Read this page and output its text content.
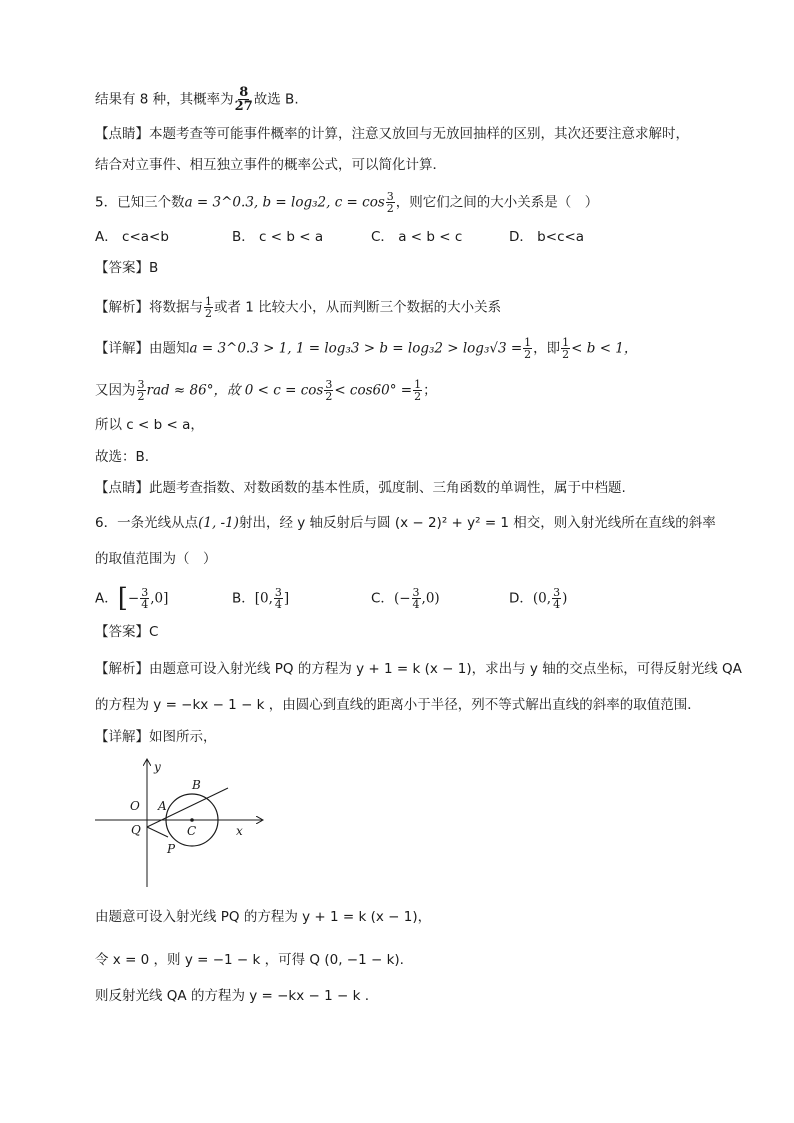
结果有 8 种，其概率为 $\frac{8}{27}$ 故选 B.
【点睛】本题考查等可能事件概率的计算，注意又放回与无放回抽样的区别，其次还要注意求解时，
结合对立事件、相互独立事件的概率公式，可以简化计算．
5．已知三个数a = 3^0.3, b = log₃2, $c = \cos \frac{3}{2}$ ，则它们之间的大小关系是（　）
A． c<a<b	B． c < b < a	C． a < b < c	D． b<c<a
【答案】B
【解析】将数据与 $\frac{1}{2}$ 或者 1 比较大小，从而判断三个数据的大小关系
【详解】由题知a = 3^0.3 > 1, $1 = \log_33 > b = \log_32 > \log_3√3 = \frac{1}{2}$ ，即 $\frac{1}{2} < b < 1$，
又因为 $\frac{3}{2}$ rad ≈ 86°，故 $0 < c = \cos \frac{3}{2} < \cos 60^\circ = \frac{1}{2}$ ；
所以 c < b < a，
故选：B.
【点睛】此题考查指数、对数函数的基本性质，弧度制、三角函数的单调性，属于中档题.
6．一条光线从点(1, -1)射出，经 y 轴反射后与圆 (x − 2)² + y² = 1 相交，则入射光线所在直线的斜率
的取值范围为（　）
A．[− $\frac{3}{4} ,0$]	B．[0, $\frac{3}{4}$ ]	C．(− $\frac{3}{4} ,0$)	D．(0, $\frac{3}{4}$ )
【答案】C
【解析】由题意可设入射光线 PQ 的方程为 y + 1 = k (x − 1)，求出与 y 轴的交点坐标，可得反射光线 QA
的方程为 y = −kx − 1 − k ，由圆心到直线的距离小于半径，列不等式解出直线的斜率的取值范围．
【详解】如图所示，
y
O A
B
C
Q
P
x
由题意可设入射光线 PQ 的方程为 y + 1 = k (x − 1)，
令 x = 0 ，则 y = −1 − k ，可得 Q (0, −1 − k).
则反射光线 QA 的方程为 y = −kx − 1 − k .
